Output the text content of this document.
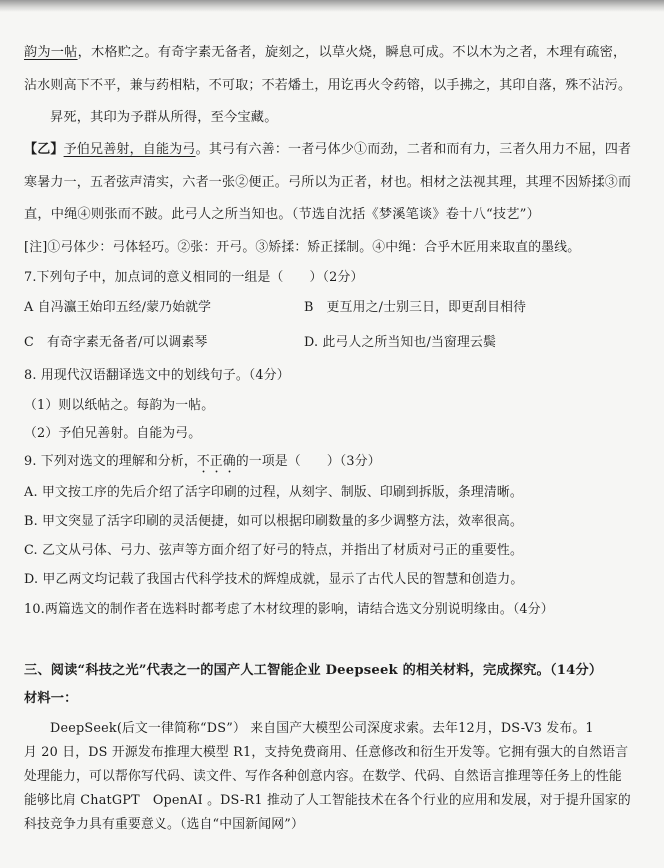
韵为一帖，木格贮之。有奇字素无备者，旋刻之，以草火烧，瞬息可成。不以木为之者，木理有疏密，
沾水则高下不平，兼与药相粘，不可取；不若燔土，用讫再火令药镕，以手拂之，其印自落，殊不沾污。
昇死，其印为予群从所得，至今宝藏。
【乙】予伯兄善射，自能为弓。其弓有六善：一者弓体少①而劲，二者和而有力，三者久用力不屈，四者
寒暑力一，五者弦声清实，六者一张②便正。弓所以为正者，材也。相材之法视其理，其理不因矫揉③而
直，中绳④则张而不跛。此弓人之所当知也。（节选自沈括《梦溪笔谈》卷十八“技艺”）
[注]①弓体少：弓体轻巧。②张：开弓。③矫揉：矫正揉制。④中绳：合乎木匠用来取直的墨线。
7.下列句子中，加点词的意义相同的一组是（　　）（2分）
A 自冯瀛王始印五经/蒙乃始就学	B　更互用之/士别三日，即更刮目相待
C　有奇字素无备者/可以调素琴	D. 此弓人之所当知也/当窗理云鬓
8. 用现代汉语翻译选文中的划线句子。（4分）
（1）则以纸帖之。每韵为一帖。
（2）予伯兄善射。自能为弓。
9. 下列对选文的理解和分析，不正确的一项是（　　）（3分）
A. 甲文按工序的先后介绍了活字印刷的过程，从刻字、制版、印刷到拆版，条理清晰。
B. 甲文突显了活字印刷的灵活便捷，如可以根据印刷数量的多少调整方法，效率很高。
C. 乙文从弓体、弓力、弦声等方面介绍了好弓的特点，并指出了材质对弓正的重要性。
D. 甲乙两文均记载了我国古代科学技术的辉煌成就，显示了古代人民的智慧和创造力。
10.两篇选文的制作者在选料时都考虑了木材纹理的影响，请结合选文分别说明缘由。（4分）
三、阅读“科技之光”代表之一的国产人工智能企业 Deepseek 的相关材料，完成探究。（14分）
材料一：
DeepSeek(后文一律简称“DS”） 来自国产大模型公司深度求索。去年12月，DS-V3 发布。1
月 20 日，DS 开源发布推理大模型 R1，支持免费商用、任意修改和衍生开发等。它拥有强大的自然语言
处理能力，可以帮你写代码、读文件、写作各种创意内容。在数学、代码、自然语言推理等任务上的性能
能够比肩 ChatGPT　OpenAI 。DS-R1 推动了人工智能技术在各个行业的应用和发展，对于提升国家的
科技竞争力具有重要意义。（选自“中国新闻网”）
